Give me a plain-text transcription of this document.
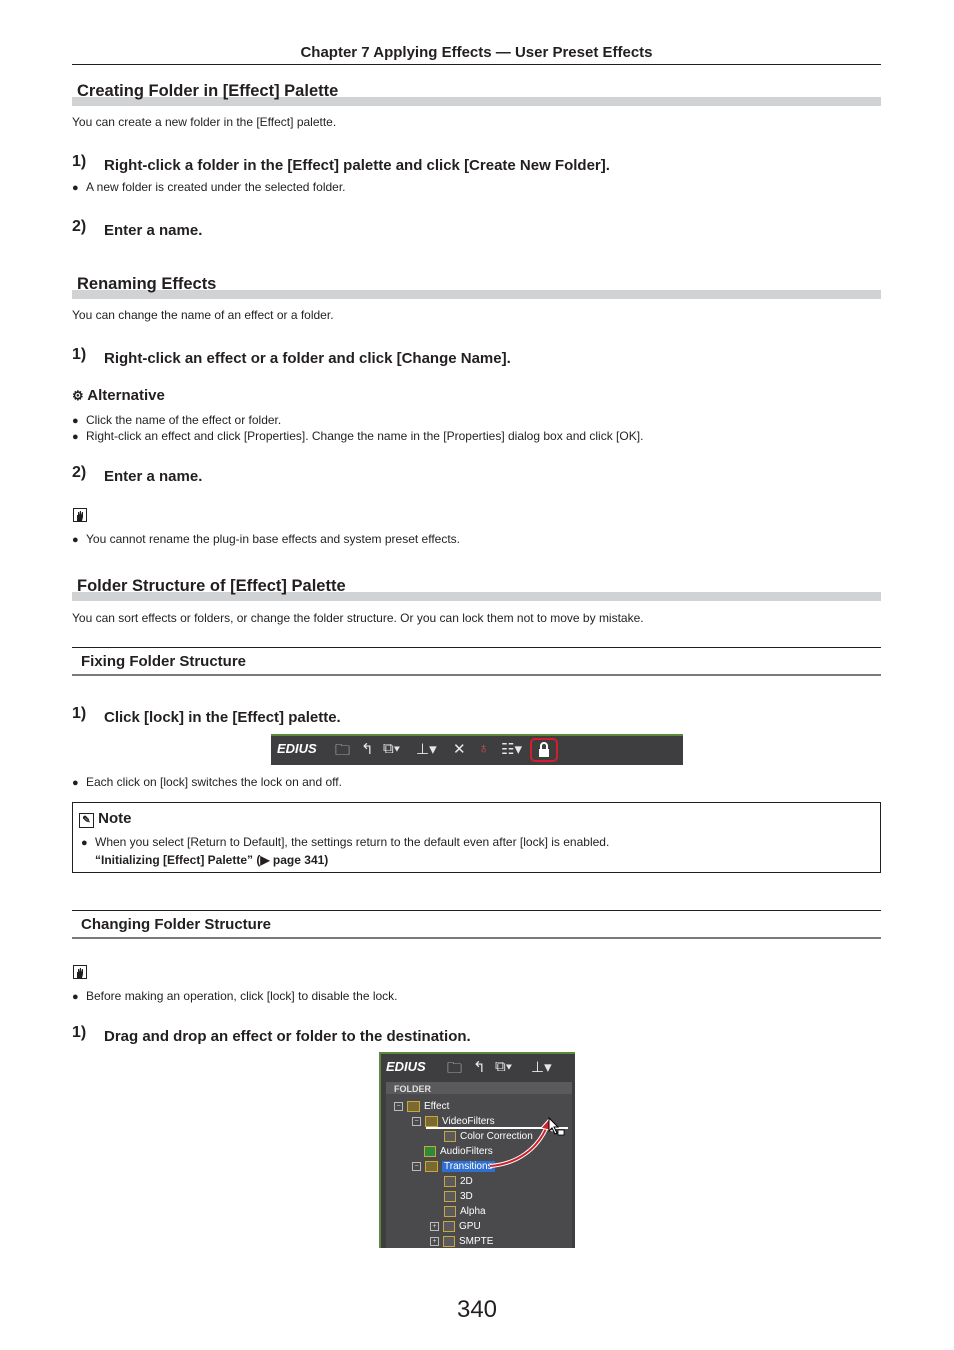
Chapter 7 Applying Effects — User Preset Effects
Creating Folder in [Effect] Palette
You can create a new folder in the [Effect] palette.
1) Right-click a folder in the [Effect] palette and click [Create New Folder].
● A new folder is created under the selected folder.
2) Enter a name.
Renaming Effects
You can change the name of an effect or a folder.
1) Right-click an effect or a folder and click [Change Name].
⚙ Alternative
● Click the name of the effect or folder.
● Right-click an effect and click [Properties]. Change the name in the [Properties] dialog box and click [OK].
2) Enter a name.
● You cannot rename the plug-in base effects and system preset effects.
Folder Structure of [Effect] Palette
You can sort effects or folders, or change the folder structure. Or you can lock them not to move by mistake.
Fixing Folder Structure
1) Click [lock] in the [Effect] palette.
EDIUS 🗀 ↰ ⧉▾ ⊥▾ ✕ ♁ ☷▾
● Each click on [lock] switches the lock on and off.
✎ Note
● When you select [Return to Default], the settings return to the default even after [lock] is enabled.
“Initializing [Effect] Palette” (▶ page 341)
Changing Folder Structure
● Before making an operation, click [lock] to disable the lock.
1) Drag and drop an effect or folder to the destination.
EDIUS 🗀 ↰ ⧉▾ ⊥▾
FOLDER
− Effect
− VideoFilters
Color Correction
AudioFilters
−	Transitions
2D
3D
Alpha
+ GPU
+ SMPTE
340
